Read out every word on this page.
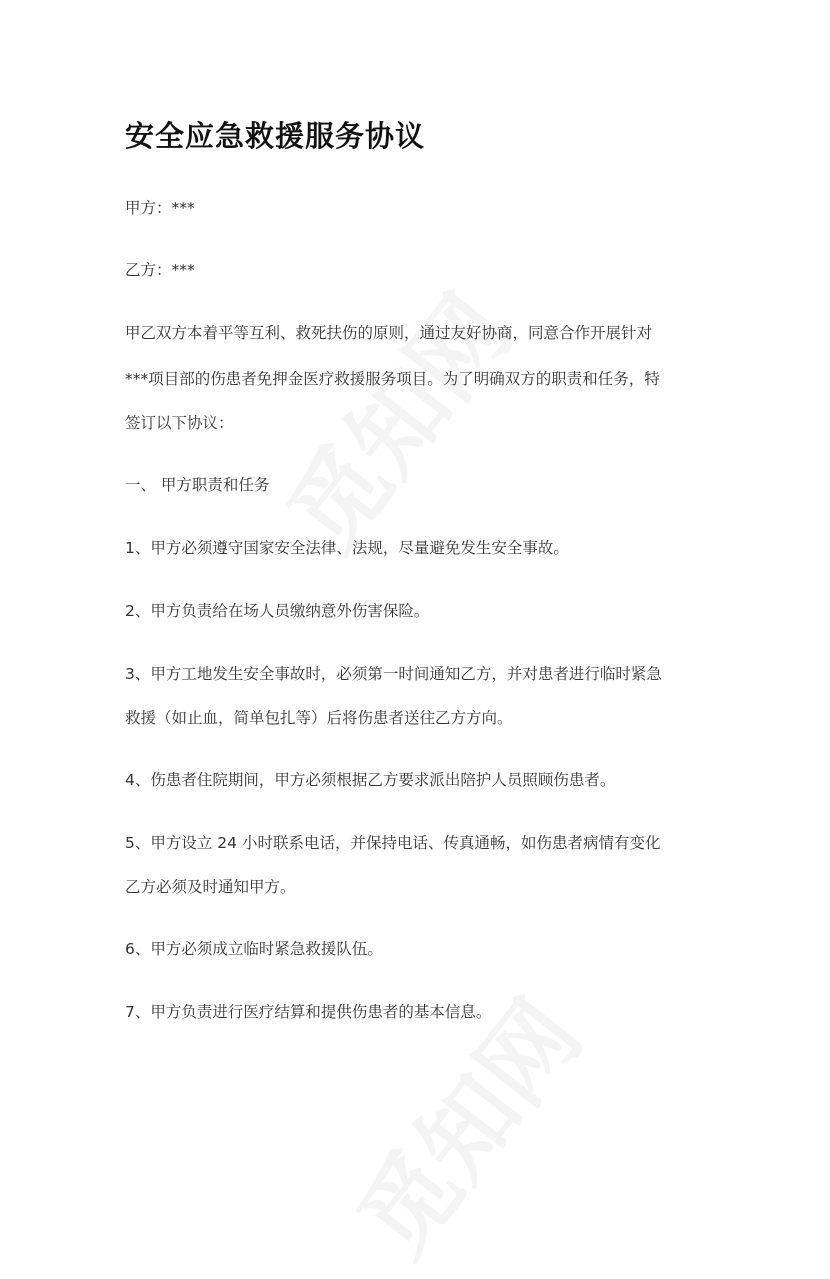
安全应急救援服务协议

甲方：***

乙方：***

甲乙双方本着平等互利、救死扶伤的原则，通过友好协商，同意合作开展针对

***项目部的伤患者免押金医疗救援服务项目。为了明确双方的职责和任务，特

签订以下协议：

一、 甲方职责和任务

1、甲方必须遵守国家安全法律、法规，尽量避免发生安全事故。

2、甲方负责给在场人员缴纳意外伤害保险。

3、甲方工地发生安全事故时，必须第一时间通知乙方，并对患者进行临时紧急

救援（如止血，简单包扎等）后将伤患者送往乙方方向。

4、伤患者住院期间，甲方必须根据乙方要求派出陪护人员照顾伤患者。

5、甲方设立 24 小时联系电话，并保持电话、传真通畅，如伤患者病情有变化

乙方必须及时通知甲方。

6、甲方必须成立临时紧急救援队伍。

7、甲方负责进行医疗结算和提供伤患者的基本信息。
